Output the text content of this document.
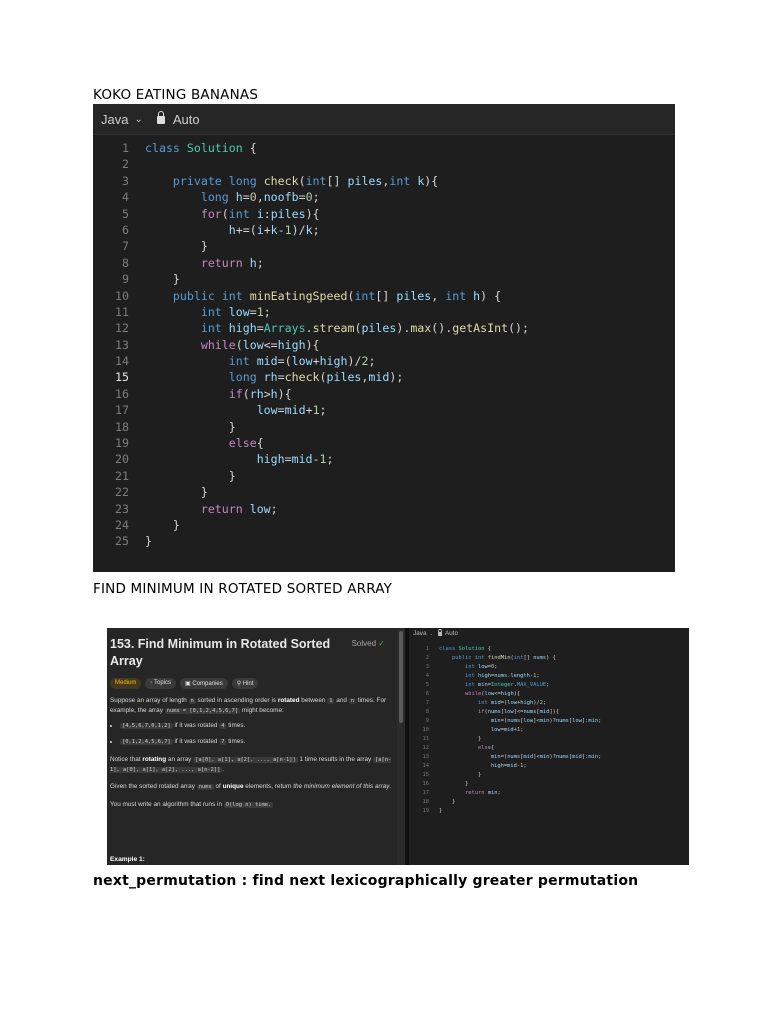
KOKO EATING BANANAS
Java ⌄ Auto
1	class Solution {
2
3	private long check(int[] piles,int k){
4	long h=0,noofb=0;
5	for(int i:piles){
6	h+=(i+k-1)/k;
7	}
8	return h;
9	}
10	public int minEatingSpeed(int[] piles, int h) {
11	int low=1;
12	int high=Arrays.stream(piles).max().getAsInt();
13	while(low<=high){
14	int mid=(low+high)/2;
15	long rh=check(piles,mid);
16	if(rh>h){
17	low=mid+1;
18	}
19	else{
20	high=mid-1;
21	}
22	}
23	return low;
24	}
25	}
FIND MINIMUM IN ROTATED SORTED ARRAY
153. Find Minimum in Rotated Sorted Array
Solved ✓
Medium	◦ Topics	▣ Companies	⚲ Hint

Suppose an array of length n sorted in ascending order is rotated between 1 and n times. For example, the array nums = [0,1,2,4,5,6,7] might become:

• [4,5,6,7,0,1,2] if it was rotated 4 times.
• [0,1,2,4,5,6,7] if it was rotated 7 times.

Notice that rotating an array [a[0], a[1], a[2], ..., a[n-1]] 1 time results in the array [a[n-1], a[0], a[1], a[2], ..., a[n-2]] .

Given the sorted rotated array nums of unique elements, return the minimum element of this array.

You must write an algorithm that runs in O(log n) time.

Example 1:
Java ⌄ Auto
1	class Solution {
2	public int findMin(int[] nums) {
3	int low=0;
4	int high=nums.length-1;
5	int min=Integer.MAX_VALUE;
6	while(low<=high){
7	int mid=(low+high)/2;
8	if(nums[low]<=nums[mid]){
9	min=(nums[low]<min)?nums[low]:min;
10	low=mid+1;
11	}
12	else{
13	min=(nums[mid]<min)?nums[mid]:min;
14	high=mid-1;
15	}
16	}
17	return min;
18	}
19	}
next_permutation : find next lexicographically greater permutation
